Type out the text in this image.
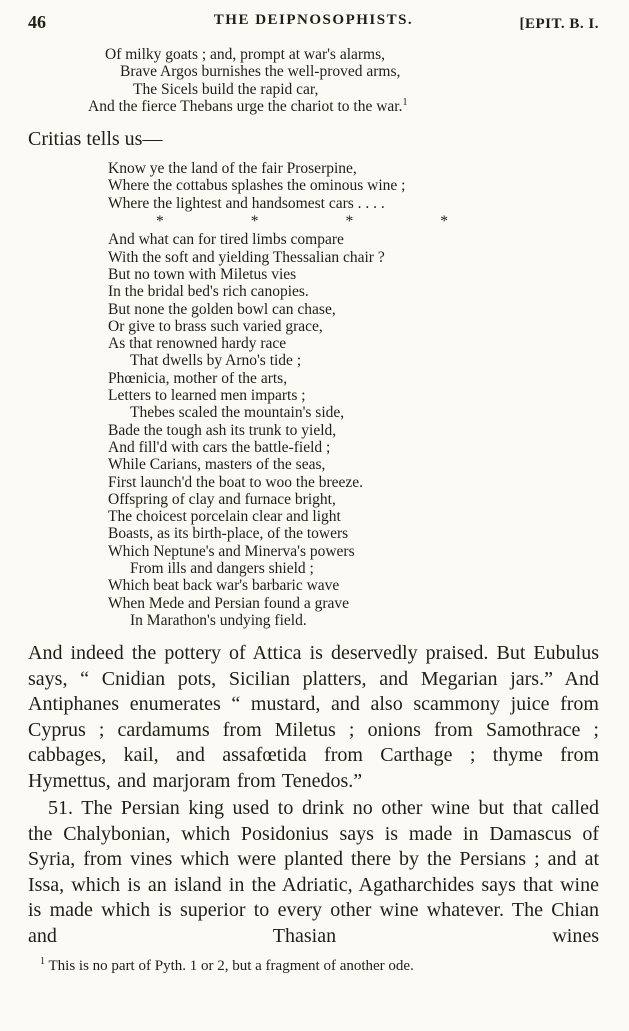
46	THE DEIPNOSOPHISTS.	[EPIT. B. I.
Of milky goats ; and, prompt at war's alarms,
Brave Argos burnishes the well-proved arms,
The Sicels build the rapid car,
And the fierce Thebans urge the chariot to the war.$^1$

Critias tells us—

Know ye the land of the fair Proserpine,
Where the cottabus splashes the ominous wine ;
Where the lightest and handsomest cars . . . .
*	*	*	*
And what can for tired limbs compare
With the soft and yielding Thessalian chair ?
But no town with Miletus vies
In the bridal bed's rich canopies.
But none the golden bowl can chase,
Or give to brass such varied grace,
As that renowned hardy race
That dwells by Arno's tide ;
Phœnicia, mother of the arts,
Letters to learned men imparts ;
Thebes scaled the mountain's side,
Bade the tough ash its trunk to yield,
And fill'd with cars the battle-field ;
While Carians, masters of the seas,
First launch'd the boat to woo the breeze.
Offspring of clay and furnace bright,
The choicest porcelain clear and light
Boasts, as its birth-place, of the towers
Which Neptune's and Minerva's powers
From ills and dangers shield ;
Which beat back war's barbaric wave
When Mede and Persian found a grave
In Marathon's undying field.

And indeed the pottery of Attica is deservedly praised. But Eubulus says, “ Cnidian pots, Sicilian platters, and Megarian jars.” And Antiphanes enumerates “ mustard, and also scammony juice from Cyprus ; cardamums from Miletus ; onions from Samothrace ; cabbages, kail, and assafœtida from Carthage ; thyme from Hymettus, and marjoram from Tenedos.”

51. The Persian king used to drink no other wine but that called the Chalybonian, which Posidonius says is made in Damascus of Syria, from vines which were planted there by the Persians ; and at Issa, which is an island in the Adriatic, Agatharchides says that wine is made which is superior to every other wine whatever. The Chian and Thasian wines

$^1$ This is no part of Pyth. 1 or 2, but a fragment of another ode.
